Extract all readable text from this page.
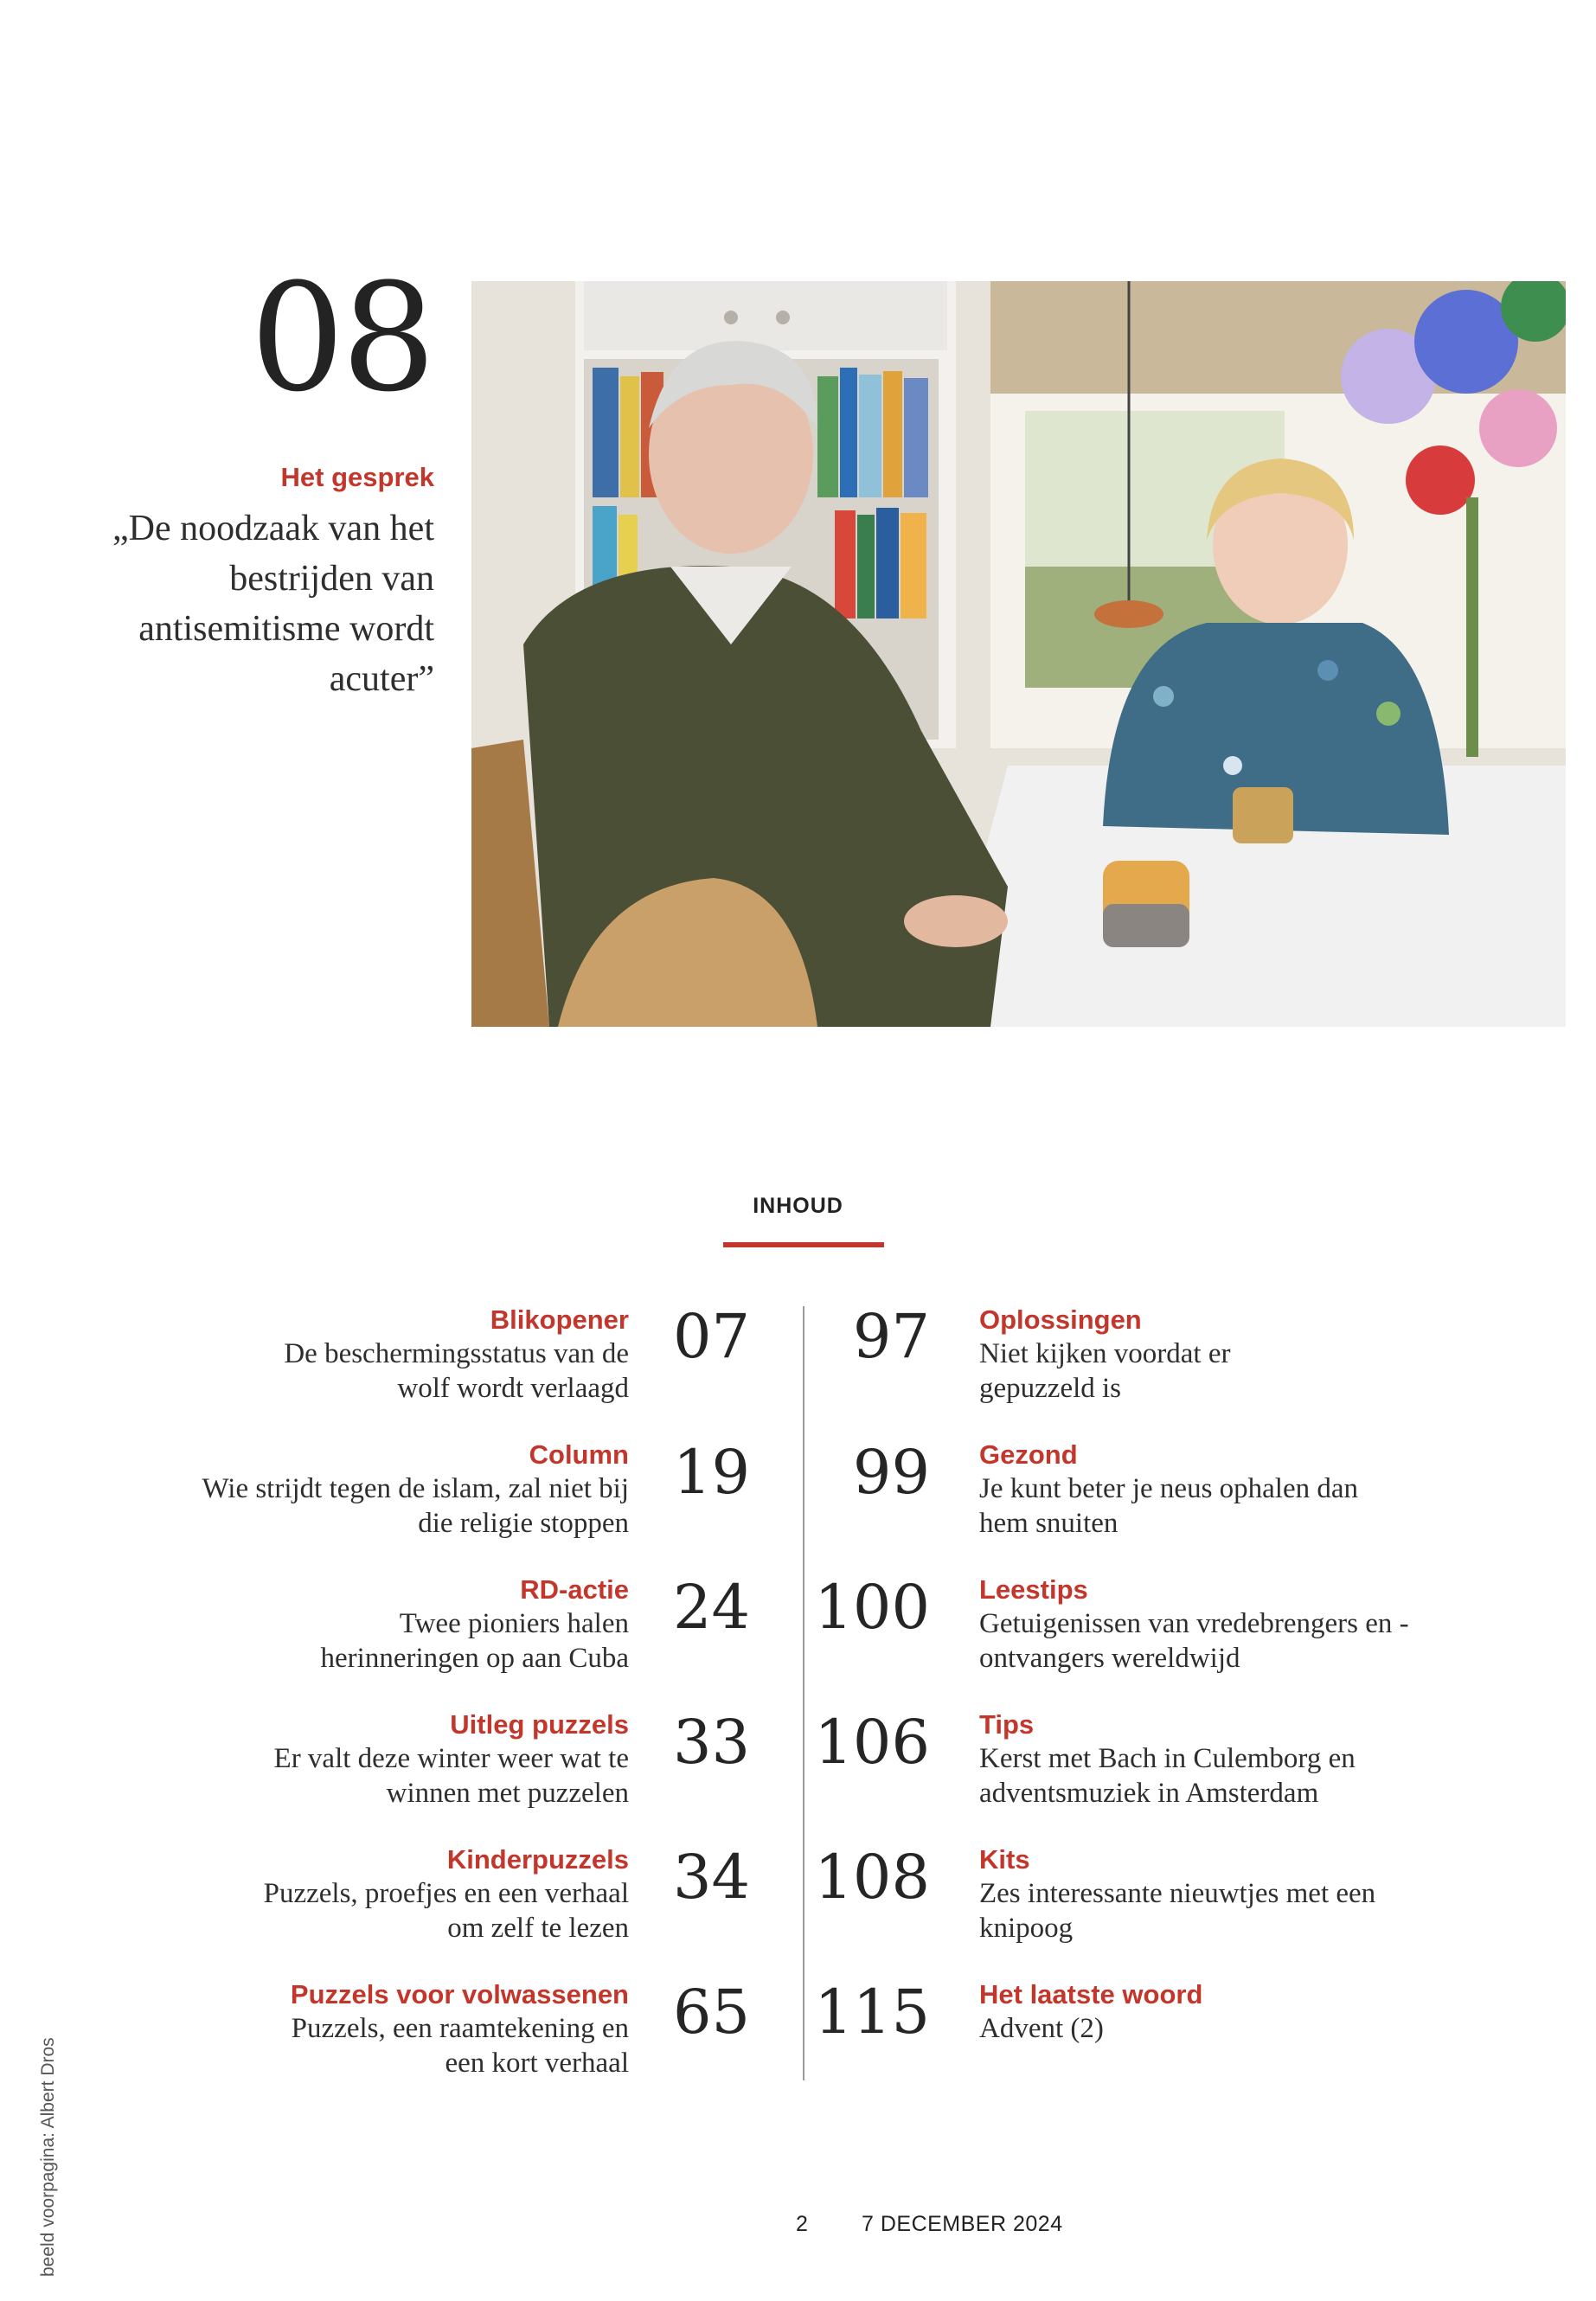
08
Het gesprek
„De noodzaak van het bestrijden van antisemitisme wordt acuter”
INHOUD
Blikopener
De beschermingsstatus van de wolf wordt verlaagd
07
Column
Wie strijdt tegen de islam, zal niet bij die religie stoppen
19
RD-actie
Twee pioniers halen herinneringen op aan Cuba
24
Uitleg puzzels
Er valt deze winter weer wat te winnen met puzzelen
33
Kinderpuzzels
Puzzels, proefjes en een verhaal om zelf te lezen
34
Puzzels voor volwassenen
Puzzels, een raamtekening en een kort verhaal
65
97 Oplossingen
Niet kijken voordat er gepuzzeld is
99 Gezond
Je kunt beter je neus ophalen dan hem snuiten
100 Leestips
Getuigenissen van vredebrengers en -ontvangers wereldwijd
106 Tips
Kerst met Bach in Culemborg en adventsmuziek in Amsterdam
108 Kits
Zes interessante nieuwtjes met een knipoog
115 Het laatste woord
Advent (2)
beeld voorpagina: Albert Dros	2 7 DECEMBER 2024
